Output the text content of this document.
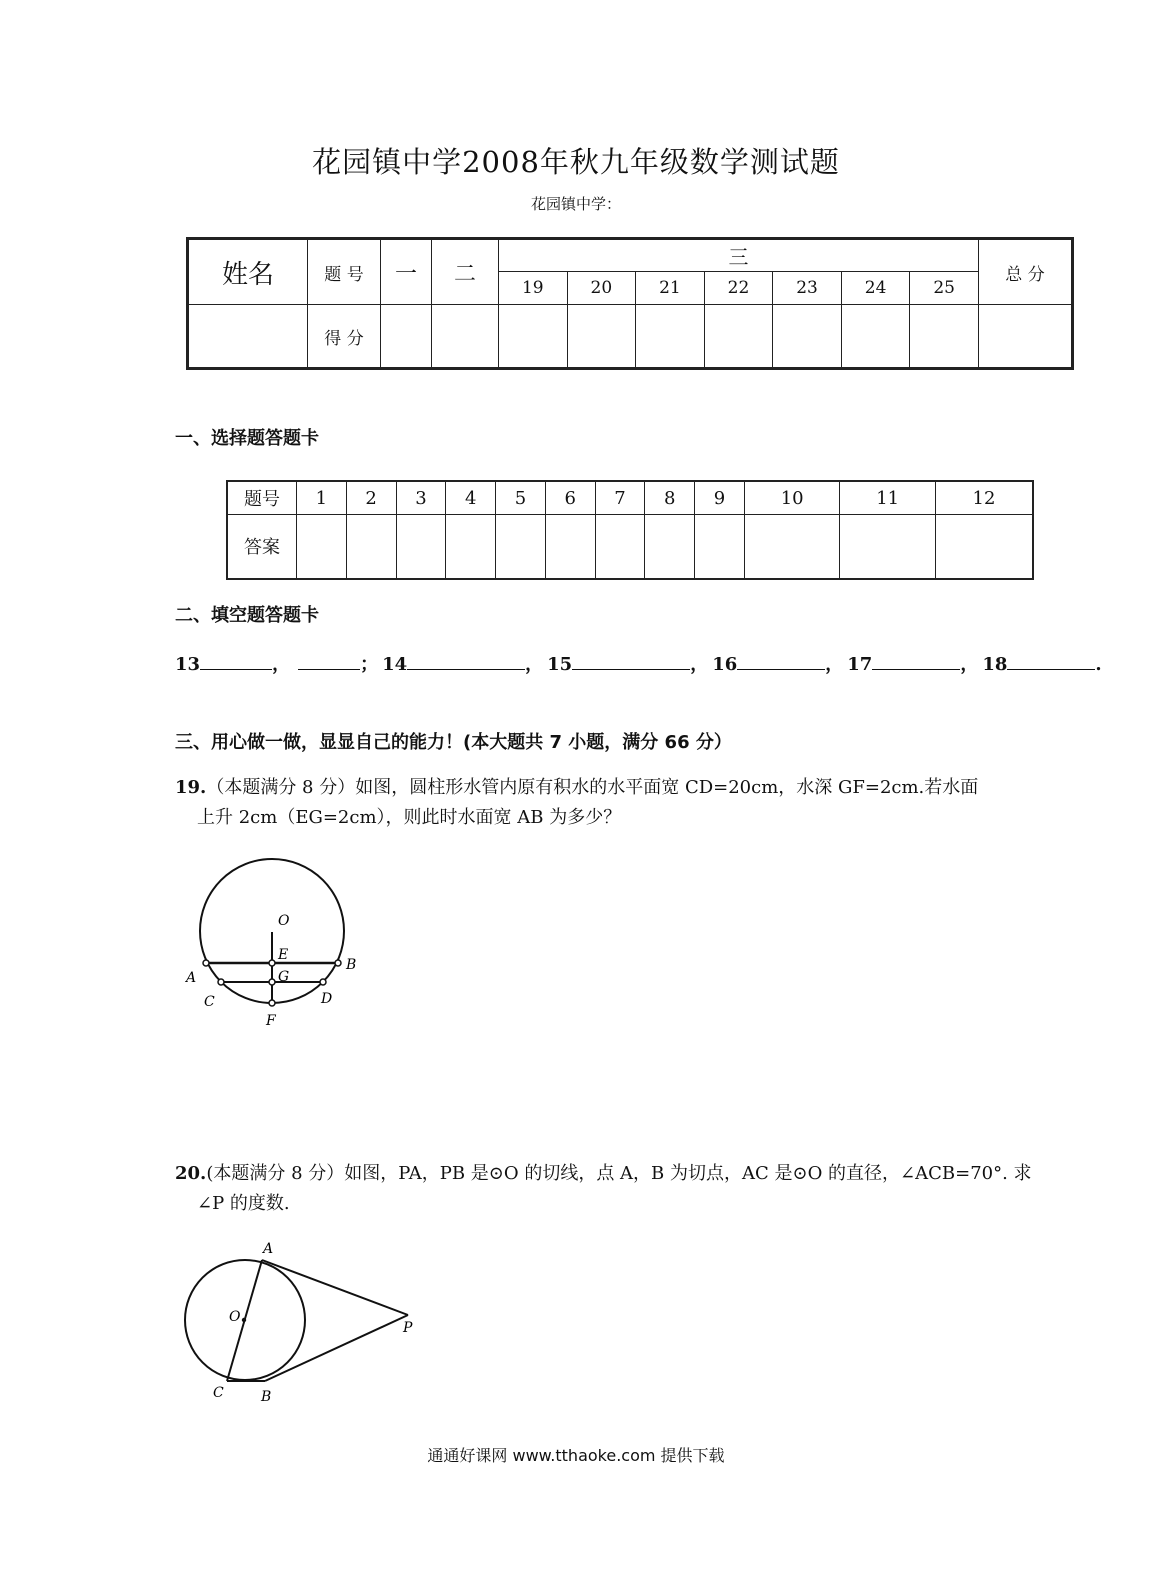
花园镇中学2008年秋九年级数学测试题
花园镇中学：
姓名	题 号	一	二	三							总 分
				19	20	21	22	23	24	25	
	得 分										
一、选择题答题卡
题号	1	2	3	4	5	6	7	8	9	10	11	12
答案												
二、填空题答题卡
13	，	； 14	， 15	， 16	， 17	， 18	.
三、用心做一做，显显自己的能力！(本大题共 7 小题，满分 66 分）
19.（本题满分 8 分）如图，圆柱形水管内原有积水的水平面宽 CD=20cm，水深 GF=2cm.若水面
上升 2cm（EG=2cm），则此时水面宽 AB 为多少？
O
E
G
A
B
C	D
F
20.(本题满分 8 分）如图，PA，PB 是⊙O 的切线，点 A，B 为切点，AC 是⊙O 的直径，∠ACB=70°. 求
∠P 的度数.
A
O
P
C	B
通通好课网 www.tthaoke.com 提供下载
